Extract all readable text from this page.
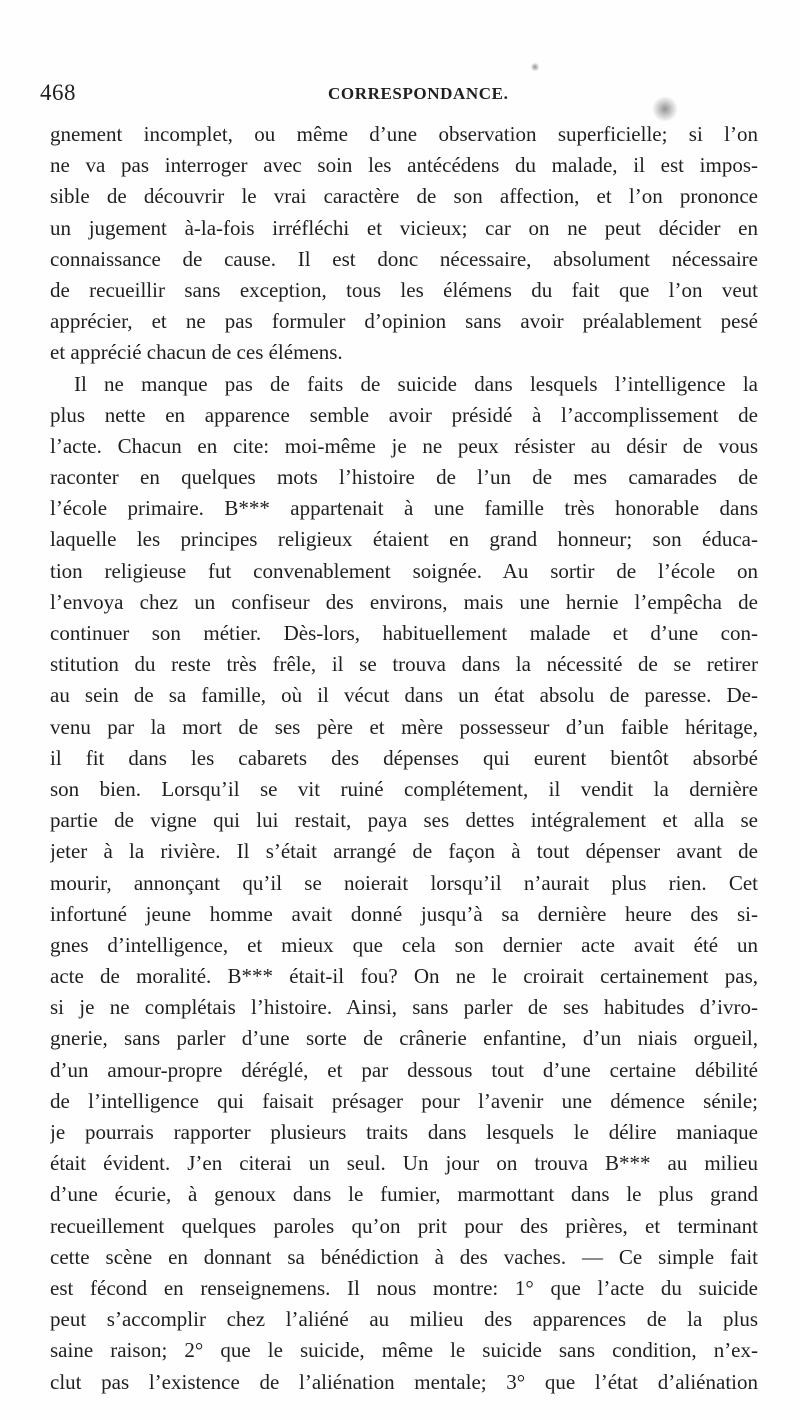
468	CORRESPONDANCE.
gnement incomplet, ou même d’une observation superficielle; si l’on
ne va pas interroger avec soin les antécédens du malade, il est impos-
sible de découvrir le vrai caractère de son affection, et l’on prononce
un jugement à-la-fois irréfléchi et vicieux; car on ne peut décider en
connaissance de cause. Il est donc nécessaire, absolument nécessaire
de recueillir sans exception, tous les élémens du fait que l’on veut
apprécier, et ne pas formuler d’opinion sans avoir préalablement pesé
et apprécié chacun de ces élémens.
Il ne manque pas de faits de suicide dans lesquels l’intelligence la
plus nette en apparence semble avoir présidé à l’accomplissement de
l’acte. Chacun en cite: moi-même je ne peux résister au désir de vous
raconter en quelques mots l’histoire de l’un de mes camarades de
l’école primaire. B*** appartenait à une famille très honorable dans
laquelle les principes religieux étaient en grand honneur; son éduca-
tion religieuse fut convenablement soignée. Au sortir de l’école on
l’envoya chez un confiseur des environs, mais une hernie l’empêcha de
continuer son métier. Dès-lors, habituellement malade et d’une con-
stitution du reste très frêle, il se trouva dans la nécessité de se retirer
au sein de sa famille, où il vécut dans un état absolu de paresse. De-
venu par la mort de ses père et mère possesseur d’un faible héritage,
il fit dans les cabarets des dépenses qui eurent bientôt absorbé
son bien. Lorsqu’il se vit ruiné complétement, il vendit la dernière
partie de vigne qui lui restait, paya ses dettes intégralement et alla se
jeter à la rivière. Il s’était arrangé de façon à tout dépenser avant de
mourir, annonçant qu’il se noierait lorsqu’il n’aurait plus rien. Cet
infortuné jeune homme avait donné jusqu’à sa dernière heure des si-
gnes d’intelligence, et mieux que cela son dernier acte avait été un
acte de moralité. B*** était-il fou? On ne le croirait certainement pas,
si je ne complétais l’histoire. Ainsi, sans parler de ses habitudes d’ivro-
gnerie, sans parler d’une sorte de crânerie enfantine, d’un niais orgueil,
d’un amour-propre déréglé, et par dessous tout d’une certaine débilité
de l’intelligence qui faisait présager pour l’avenir une démence sénile;
je pourrais rapporter plusieurs traits dans lesquels le délire maniaque
était évident. J’en citerai un seul. Un jour on trouva B*** au milieu
d’une écurie, à genoux dans le fumier, marmottant dans le plus grand
recueillement quelques paroles qu’on prit pour des prières, et terminant
cette scène en donnant sa bénédiction à des vaches. — Ce simple fait
est fécond en renseignemens. Il nous montre: 1° que l’acte du suicide
peut s’accomplir chez l’aliéné au milieu des apparences de la plus
saine raison; 2° que le suicide, même le suicide sans condition, n’ex-
clut pas l’existence de l’aliénation mentale; 3° que l’état d’aliénation
